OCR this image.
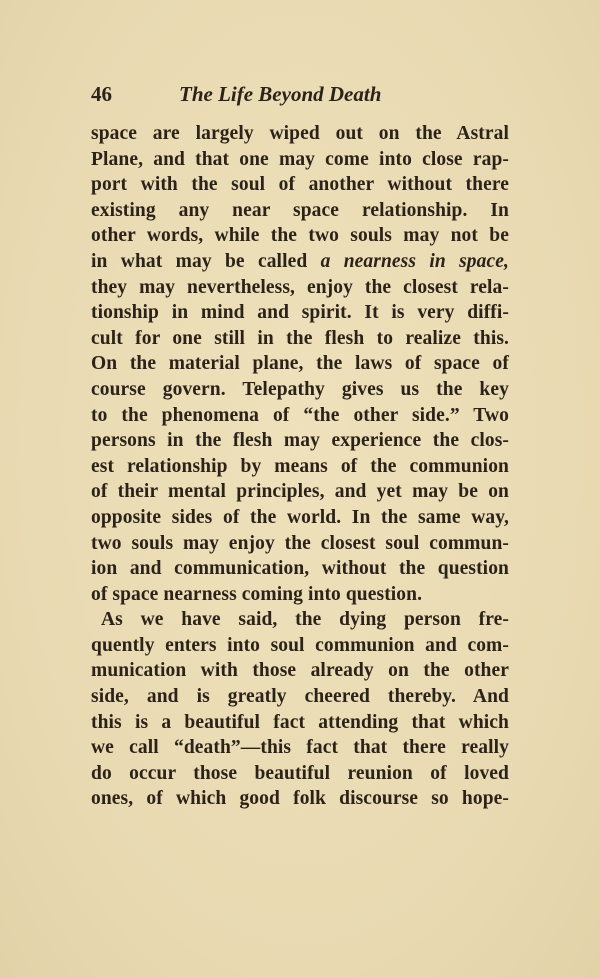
46	The Life Beyond Death
space are largely wiped out on the Astral
Plane, and that one may come into close rap-
port with the soul of another without there
existing any near space relationship. In
other words, while the two souls may not be
in what may be called a nearness in space,
they may nevertheless, enjoy the closest rela-
tionship in mind and spirit. It is very diffi-
cult for one still in the flesh to realize this.
On the material plane, the laws of space of
course govern. Telepathy gives us the key
to the phenomena of “the other side.” Two
persons in the flesh may experience the clos-
est relationship by means of the communion
of their mental principles, and yet may be on
opposite sides of the world. In the same way,
two souls may enjoy the closest soul commun-
ion and communication, without the question
of space nearness coming into question.
As we have said, the dying person fre-
quently enters into soul communion and com-
munication with those already on the other
side, and is greatly cheered thereby. And
this is a beautiful fact attending that which
we call “death”—this fact that there really
do occur those beautiful reunion of loved
ones, of which good folk discourse so hope-
